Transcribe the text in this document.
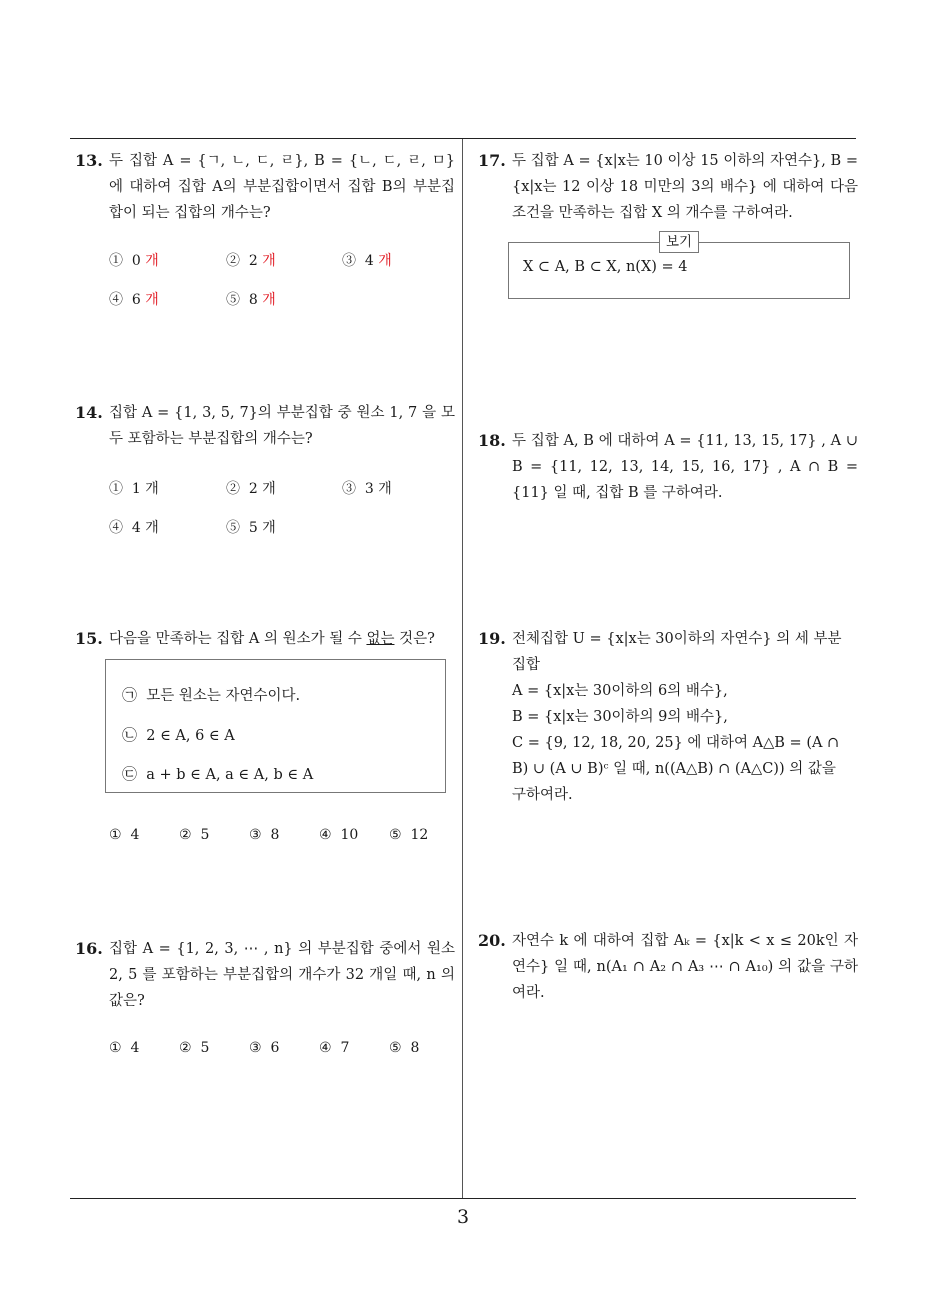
13. 두 집합 A = {ㄱ, ㄴ, ㄷ, ㄹ}, B = {ㄴ, ㄷ, ㄹ, ㅁ} 에 대하여 집합 A의 부분집합이면서 집합 B의 부분집합이 되는 집합의 개수는?
① 0 개	② 2 개	③ 4 개
④ 6 개	⑤ 8 개
14. 집합 A = {1, 3, 5, 7}의 부분집합 중 원소 1, 7 을 모두 포함하는 부분집합의 개수는?
① 1 개	② 2 개	③ 3 개
④ 4 개	⑤ 5 개
15. 다음을 만족하는 집합 A 의 원소가 될 수 없는 것은?
㉠ 모든 원소는 자연수이다.
㉡ 2 ∈ A, 6 ∈ A
㉢ a + b ∈ A, a ∈ A, b ∈ A
① 4	② 5	③ 8	④ 10 ⑤ 12
16. 집합 A = {1, 2, 3, ⋯ , n} 의 부분집합 중에서 원소 2, 5 를 포함하는 부분집합의 개수가 32 개일 때, n 의 값은?
① 4	② 5	③ 6	④ 7	⑤ 8
17. 두 집합 A = {x|x는 10 이상 15 이하의 자연수}, B = {x|x는 12 이상 18 미만의 3의 배수} 에 대하여 다음 조건을 만족하는 집합 X 의 개수를 구하여라.
보기
X ⊂ A, B ⊂ X, n(X) = 4
18. 두 집합 A, B 에 대하여 A = {11, 13, 15, 17} , A ∪ B = {11, 12, 13, 14, 15, 16, 17} , A ∩ B = {11} 일 때, 집합 B 를 구하여라.
19. 전체집합 U = {x|x는 30이하의 자연수} 의 세 부분
집합
A = {x|x는 30이하의 6의 배수},
B = {x|x는 30이하의 9의 배수},
C = {9, 12, 18, 20, 25} 에 대하여 A△B = (A ∩
B) ∪ (A ∪ B)ᶜ 일 때, n((A△B) ∩ (A△C)) 의 값을
구하여라.
20. 자연수 k 에 대하여 집합 Aₖ = {x|k < x ≤ 20k인 자연수} 일 때, n(A₁ ∩ A₂ ∩ A₃ ⋯ ∩ A₁₀) 의 값을 구하여라.
3
